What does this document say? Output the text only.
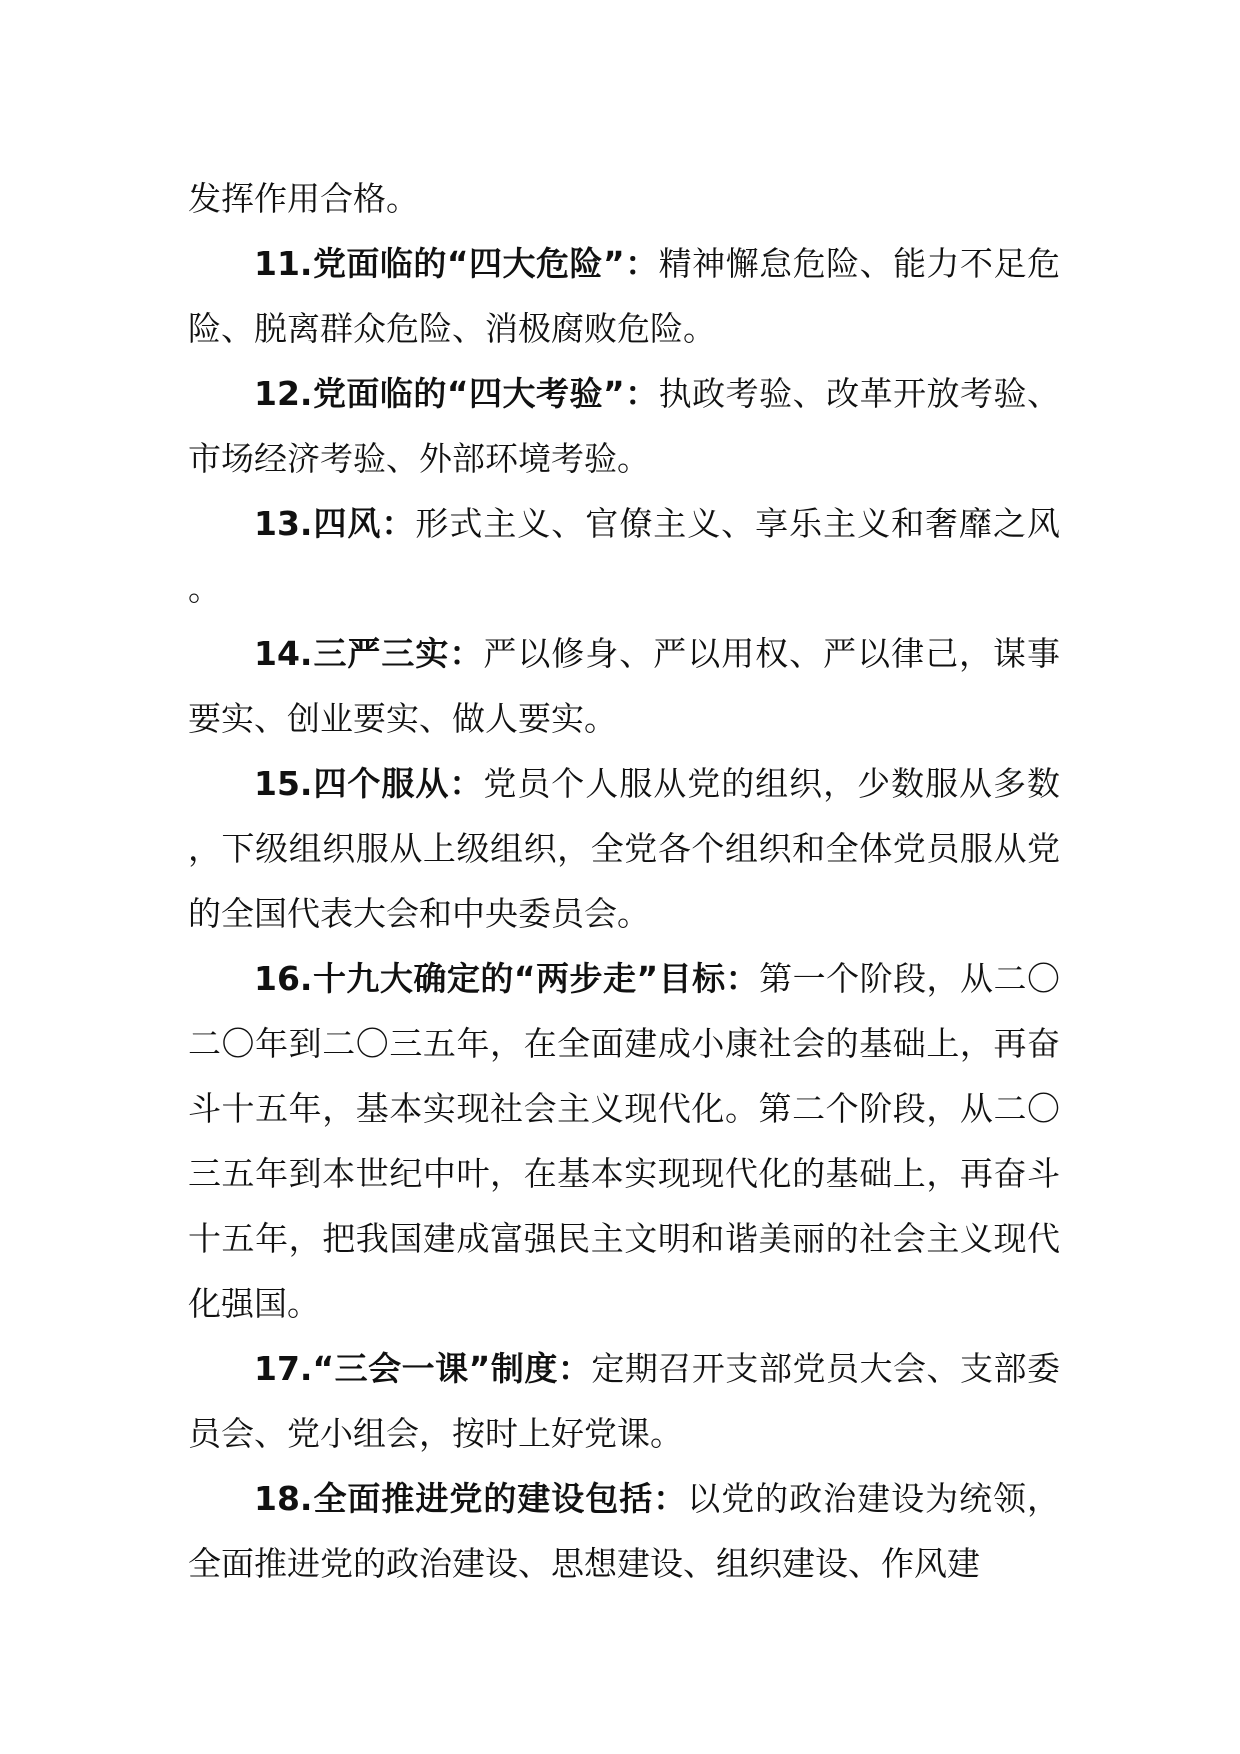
发挥作用合格。

11.党面临的“四大危险”：精神懈怠危险、能力不足危险、脱离群众危险、消极腐败危险。

12.党面临的“四大考验”：执政考验、改革开放考验、市场经济考验、外部环境考验。

13.四风：形式主义、官僚主义、享乐主义和奢靡之风。

14.三严三实：严以修身、严以用权、严以律己，谋事要实、创业要实、做人要实。

15.四个服从：党员个人服从党的组织，少数服从多数，下级组织服从上级组织，全党各个组织和全体党员服从党的全国代表大会和中央委员会。

16.十九大确定的“两步走”目标：第一个阶段，从二〇二〇年到二〇三五年，在全面建成小康社会的基础上，再奋斗十五年，基本实现社会主义现代化。第二个阶段，从二〇三五年到本世纪中叶，在基本实现现代化的基础上，再奋斗十五年，把我国建成富强民主文明和谐美丽的社会主义现代化强国。

17.“三会一课”制度：定期召开支部党员大会、支部委员会、党小组会，按时上好党课。

18.全面推进党的建设包括：以党的政治建设为统领，全面推进党的政治建设、思想建设、组织建设、作风建
